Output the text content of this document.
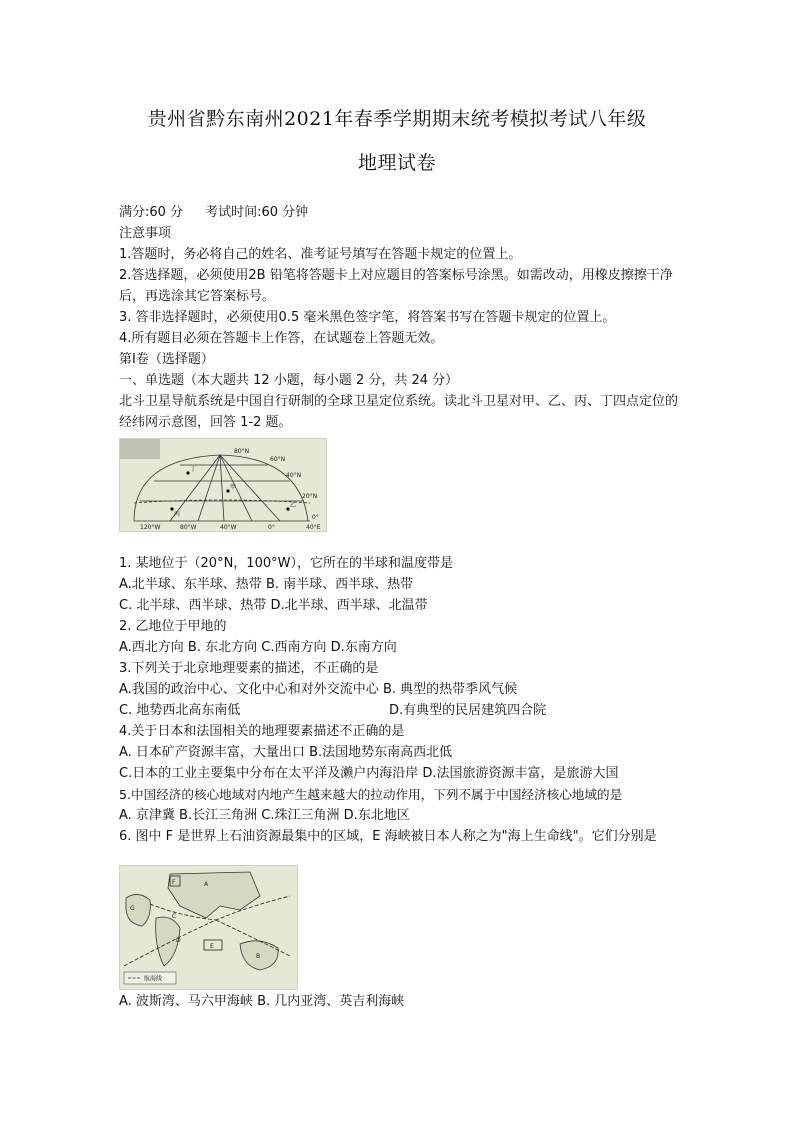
贵州省黔东南州2021年春季学期期末统考模拟考试八年级
地理试卷
满分:60 分 考试时间:60 分钟
注意事项
1.答题时，务必将自己的姓名、准考证号填写在答题卡规定的位置上。
2.答选择题，必须使用2B 铅笔将答题卡上对应题目的答案标号涂黑。如需改动，用橡皮擦擦干净后，再选涂其它答案标号。
3. 答非选择题时，必须使用0.5 毫米黑色签字笔，将答案书写在答题卡规定的位置上。
4.所有题目必须在答题卡上作答，在试题卷上答题无效。
第Ⅰ卷（选择题）
一、单选题（本大题共 12 小题，每小题 2 分，共 24 分）
北斗卫星导航系统是中国自行研制的全球卫星定位系统。读北斗卫星对甲、乙、丙、丁四点定位的经纬网示意图，回答 1-2 题。
80°N
60°N
40°N
20°N
0°
120°W	80°W	40°W	0°	40°E
丁
甲
丙
乙
1. 某地位于（20°N，100°W），它所在的半球和温度带是
A.北半球、东半球、热带 B. 南半球、西半球、热带
C. 北半球、西半球、热带 D.北半球、西半球、北温带
2. 乙地位于甲地的
A.西北方向 B. 东北方向 C.西南方向 D.东南方向
3.下列关于北京地理要素的描述，不正确的是
A.我国的政治中心、文化中心和对外交流中心 B. 典型的热带季风气候
C. 地势西北高东南低	D.有典型的民居建筑四合院
4.关于日本和法国相关的地理要素描述不正确的是
A. 日本矿产资源丰富，大量出口 B.法国地势东南高西北低
C.日本的工业主要集中分布在太平洋及濑户内海沿岸 D.法国旅游资源丰富，是旅游大国
5.中国经济的核心地域对内地产生越来越大的拉动作用，下列不属于中国经济核心地域的是
A. 京津冀 B.长江三角洲 C.珠江三角洲 D.东北地区
6. 图中 F 是世界上石油资源最集中的区域，E 海峡被日本人称之为"海上生命线"。它们分别是
F	A
G
C
D
E
B
航海线
A. 波斯湾、马六甲海峡 B. 几内亚湾、英吉利海峡
